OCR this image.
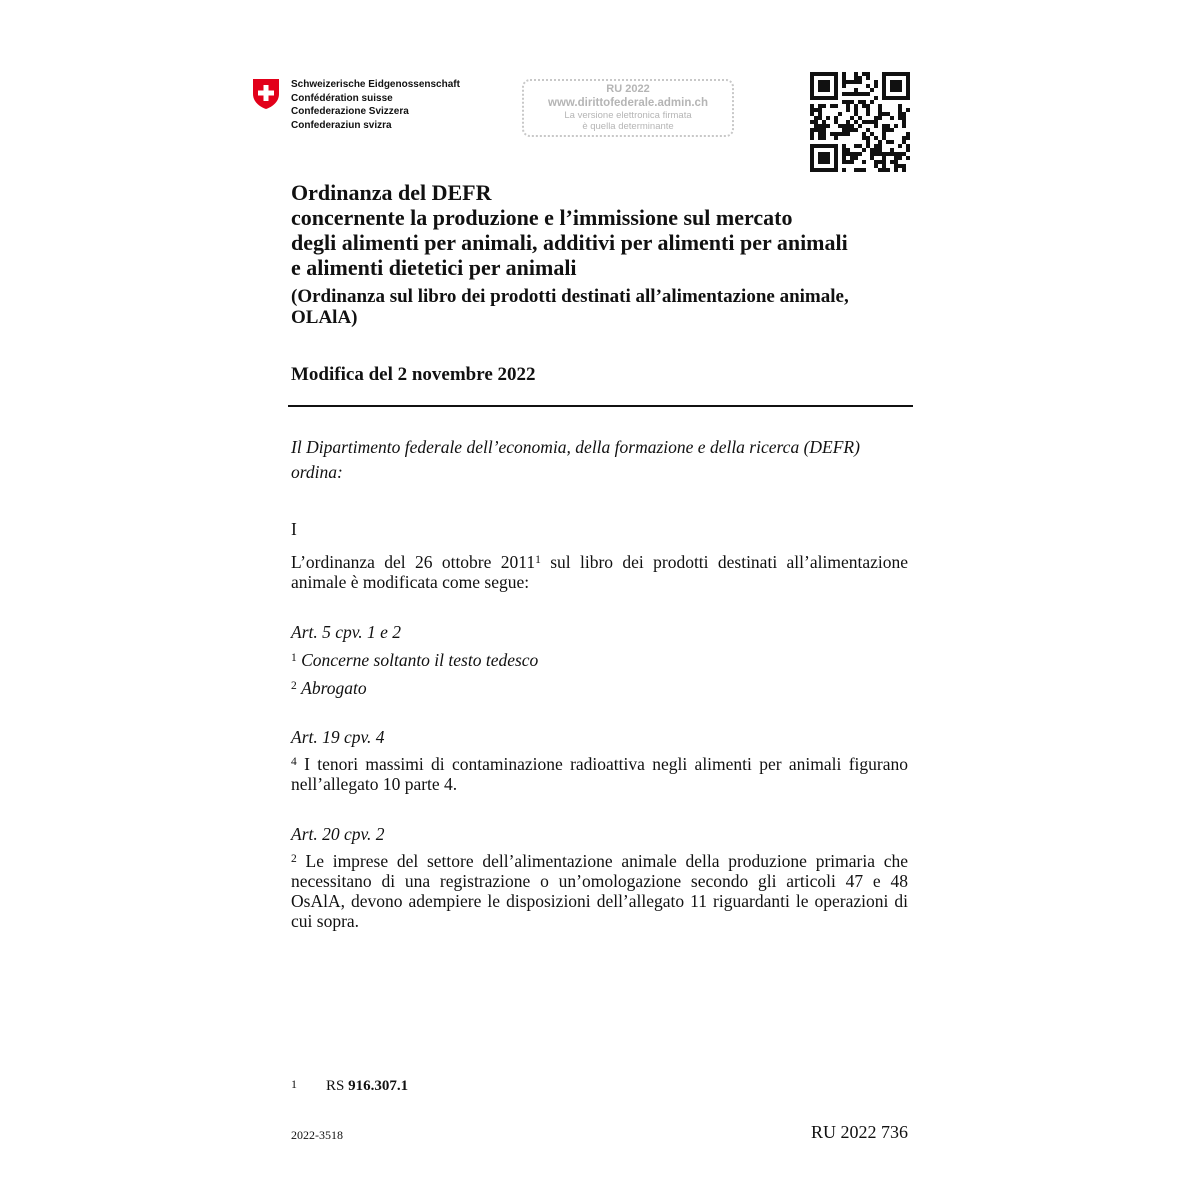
Schweizerische Eidgenossenschaft
Confédération suisse
Confederazione Svizzera
Confederaziun svizra
RU 2022
www.dirittofederale.admin.ch
La versione elettronica firmata
è quella determinante
Ordinanza del DEFR
concernente la produzione e l’immissione sul mercato
degli alimenti per animali, additivi per alimenti per animali
e alimenti dietetici per animali
(Ordinanza sul libro dei prodotti destinati all’alimentazione animale,
OLAlA)
Modifica del 2 novembre 2022
Il Dipartimento federale dell’economia, della formazione e della ricerca (DEFR)
ordina:
I
L’ordinanza del 26 ottobre 2011$^1$ sul libro dei prodotti destinati all’alimentazione
animale è modificata come segue:
Art. 5 cpv. 1 e 2
$^1$ Concerne soltanto il testo tedesco
$^2$ Abrogato
Art. 19 cpv. 4
$^4$ I tenori massimi di contaminazione radioattiva negli alimenti per animali figurano
nell’allegato 10 parte 4.
Art. 20 cpv. 2
$^2$ Le imprese del settore dell’alimentazione animale della produzione primaria che
necessitano di una registrazione o un’omologazione secondo gli articoli 47 e 48
OsAlA, devono adempiere le disposizioni dell’allegato 11 riguardanti le operazioni di
cui sopra.
1 RS 916.307.1
2022-3518	RU 2022 736
